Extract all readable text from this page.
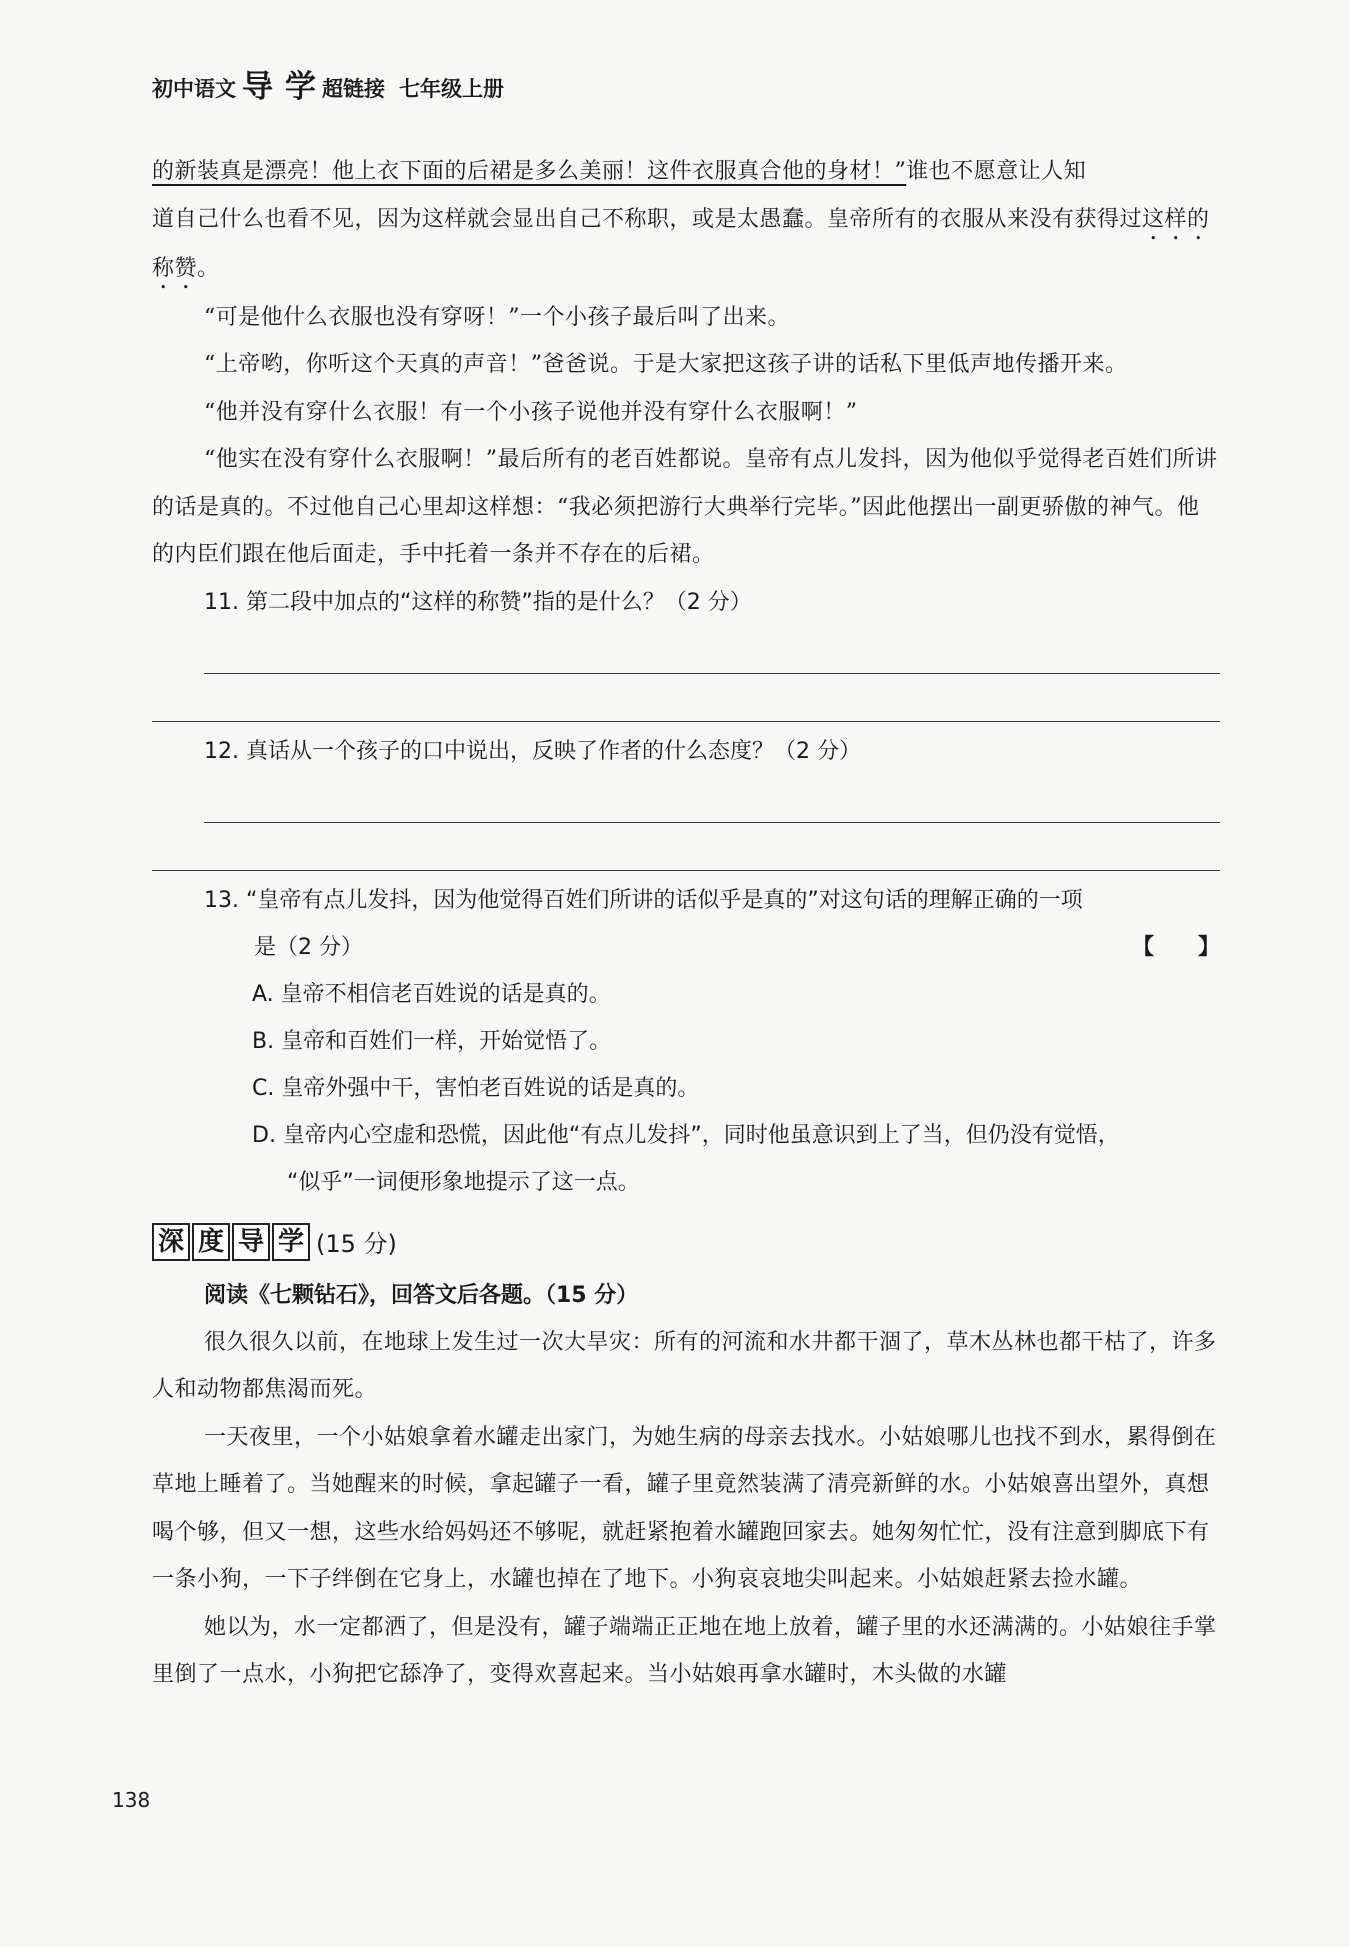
初中语文 导 学 超链接 七年级上册

的新装真是漂亮！他上衣下面的后裙是多么美丽！这件衣服真合他的身材！”谁也不愿意让人知

道自己什么也看不见，因为这样就会显出自己不称职，或是太愚蠢。皇帝所有的衣服从来没有获得过这样的称赞。

“可是他什么衣服也没有穿呀！”一个小孩子最后叫了出来。

“上帝哟，你听这个天真的声音！”爸爸说。于是大家把这孩子讲的话私下里低声地传播开来。

“他并没有穿什么衣服！有一个小孩子说他并没有穿什么衣服啊！”

“他实在没有穿什么衣服啊！”最后所有的老百姓都说。皇帝有点儿发抖，因为他似乎觉得老百姓们所讲的话是真的。不过他自己心里却这样想：“我必须把游行大典举行完毕。”因此他摆出一副更骄傲的神气。他的内臣们跟在他后面走，手中托着一条并不存在的后裙。

11. 第二段中加点的“这样的称赞”指的是什么？（2 分）

12. 真话从一个孩子的口中说出，反映了作者的什么态度？（2 分）

13. “皇帝有点儿发抖，因为他觉得百姓们所讲的话似乎是真的”对这句话的理解正确的一项

是（2 分）	【　　】

A. 皇帝不相信老百姓说的话是真的。

B. 皇帝和百姓们一样，开始觉悟了。

C. 皇帝外强中干，害怕老百姓说的话是真的。

D. 皇帝内心空虚和恐慌，因此他“有点儿发抖”，同时他虽意识到上了当，但仍没有觉悟，

“似乎”一词便形象地提示了这一点。

深 度 导 学 (15 分)

阅读《七颗钻石》，回答文后各题。（15 分）

很久很久以前，在地球上发生过一次大旱灾：所有的河流和水井都干涸了，草木丛林也都干枯了，许多人和动物都焦渴而死。

一天夜里，一个小姑娘拿着水罐走出家门，为她生病的母亲去找水。小姑娘哪儿也找不到水，累得倒在草地上睡着了。当她醒来的时候，拿起罐子一看，罐子里竟然装满了清亮新鲜的水。小姑娘喜出望外，真想喝个够，但又一想，这些水给妈妈还不够呢，就赶紧抱着水罐跑回家去。她匆匆忙忙，没有注意到脚底下有一条小狗，一下子绊倒在它身上，水罐也掉在了地下。小狗哀哀地尖叫起来。小姑娘赶紧去捡水罐。

她以为，水一定都洒了，但是没有，罐子端端正正地在地上放着，罐子里的水还满满的。小姑娘往手掌里倒了一点水，小狗把它舔净了，变得欢喜起来。当小姑娘再拿水罐时，木头做的水罐

138
